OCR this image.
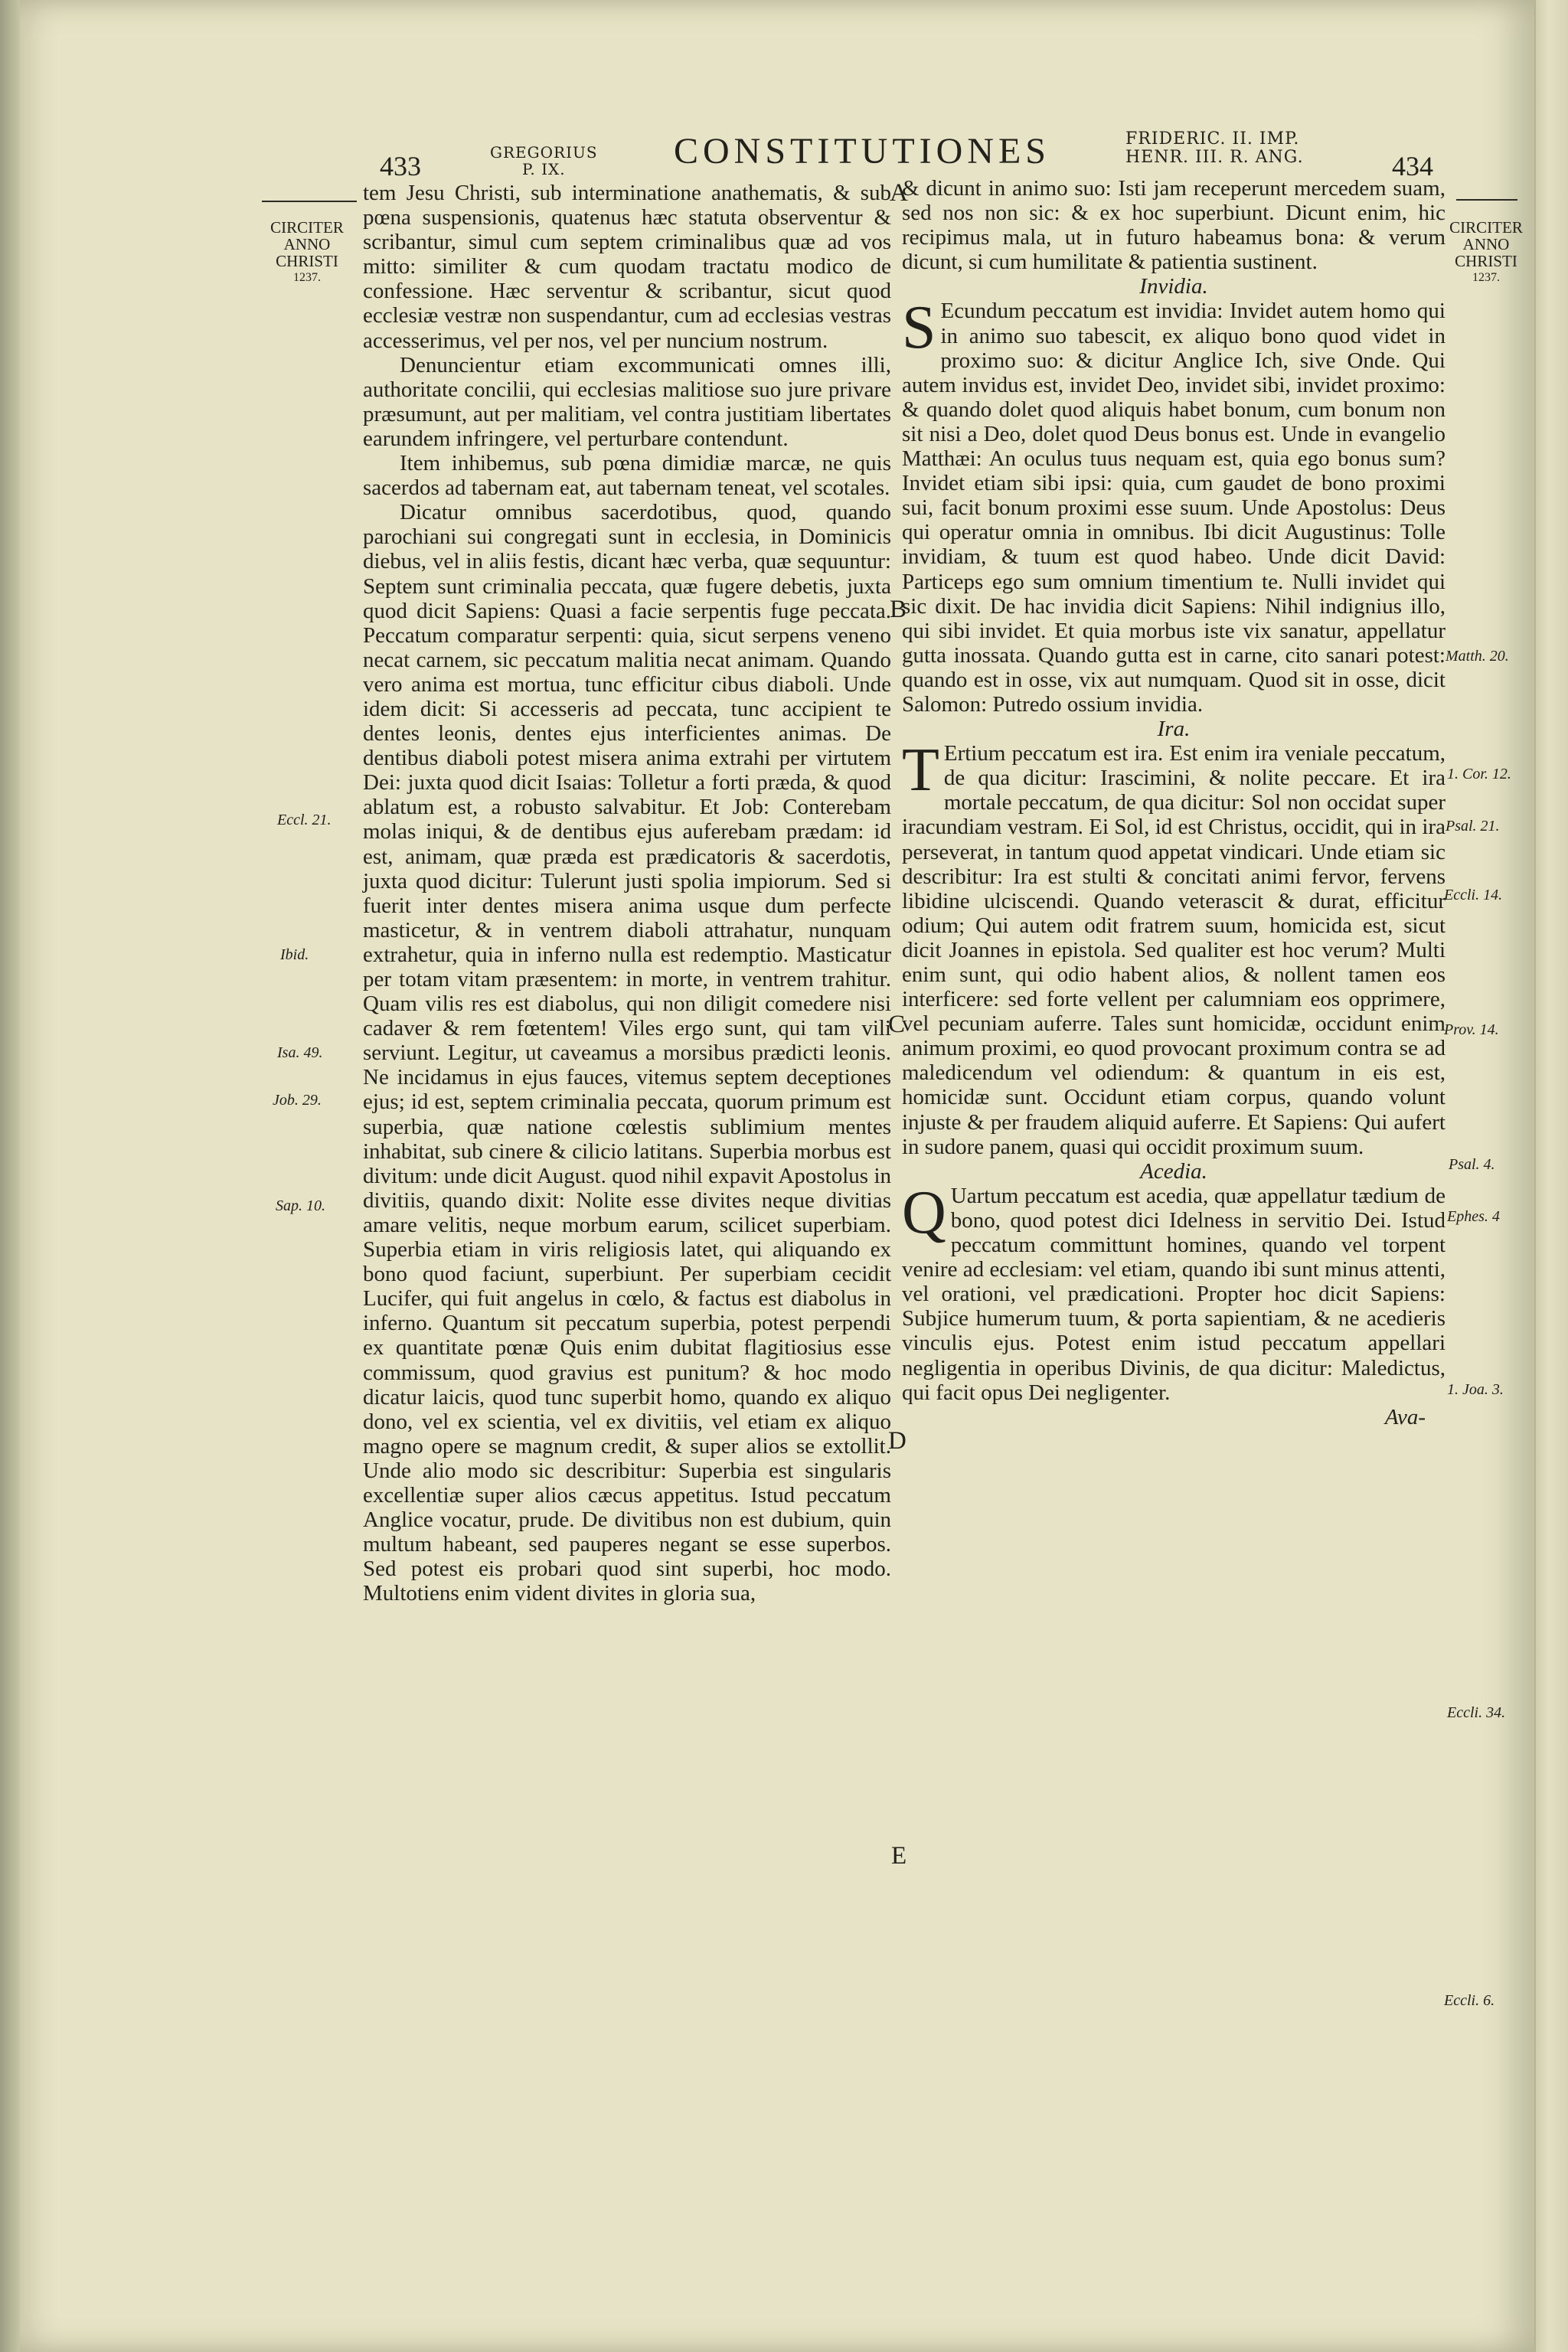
433	GREGORIUS
P. IX.	CONSTITUTIONES	FRIDERIC. II. IMP.
HENR. III. R. ANG.	434
CIRCITER
ANNO
CHRISTI
1237.
CIRCITER
ANNO
CHRISTI
1237.
A
B
C
D
E
Eccl. 21.
Ibid.
Isa. 49.
Job. 29.
Sap. 10.
Matth. 20.
1. Cor. 12.
Psal. 21.
Eccli. 14.
Prov. 14.
Psal. 4.
Ephes. 4
1. Joa. 3.
Eccli. 34.
Eccli. 6.

tem Jesu Christi, sub interminatione anathematis, & sub pœna suspensionis, quatenus hæc statuta observentur & scribantur, simul cum septem criminalibus quæ ad vos mitto: similiter & cum quodam tractatu modico de confessione. Hæc serventur & scribantur, sicut quod ecclesiæ vestræ non suspendantur, cum ad ecclesias vestras accesserimus, vel per nos, vel per nuncium nostrum.

Denuncientur etiam excommunicati omnes illi, authoritate concilii, qui ecclesias malitiose suo jure privare præsumunt, aut per malitiam, vel contra justitiam libertates earundem infringere, vel perturbare contendunt.

Item inhibemus, sub pœna dimidiæ marcæ, ne quis sacerdos ad tabernam eat, aut tabernam teneat, vel scotales.

Dicatur omnibus sacerdotibus, quod, quando parochiani sui congregati sunt in ecclesia, in Dominicis diebus, vel in aliis festis, dicant hæc verba, quæ sequuntur: Septem sunt criminalia peccata, quæ fugere debetis, juxta quod dicit Sapiens: Quasi a facie serpentis fuge peccata. Peccatum comparatur serpenti: quia, sicut serpens veneno necat carnem, sic peccatum malitia necat animam. Quando vero anima est mortua, tunc efficitur cibus diaboli. Unde idem dicit: Si accesseris ad peccata, tunc accipient te dentes leonis, dentes ejus interficientes animas. De dentibus diaboli potest misera anima extrahi per virtutem Dei: juxta quod dicit Isaias: Tolletur a forti præda, & quod ablatum est, a robusto salvabitur. Et Job: Conterebam molas iniqui, & de dentibus ejus auferebam prædam: id est, animam, quæ præda est prædicatoris & sacerdotis, juxta quod dicitur: Tulerunt justi spolia impiorum. Sed si fuerit inter dentes misera anima usque dum perfecte masticetur, & in ventrem diaboli attrahatur, nunquam extrahetur, quia in inferno nulla est redemptio. Masticatur per totam vitam præsentem: in morte, in ventrem trahitur. Quam vilis res est diabolus, qui non diligit comedere nisi cadaver & rem fœtentem! Viles ergo sunt, qui tam vili serviunt. Legitur, ut caveamus a morsibus prædicti leonis. Ne incidamus in ejus fauces, vitemus septem deceptiones ejus; id est, septem criminalia peccata, quorum primum est superbia, quæ natione cœlestis sublimium mentes inhabitat, sub cinere & cilicio latitans. Superbia morbus est divitum: unde dicit August. quod nihil expavit Apostolus in divitiis, quando dixit: Nolite esse divites neque divitias amare velitis, neque morbum earum, scilicet superbiam. Superbia etiam in viris religiosis latet, qui aliquando ex bono quod faciunt, superbiunt. Per superbiam cecidit Lucifer, qui fuit angelus in cœlo, & factus est diabolus in inferno. Quantum sit peccatum superbia, potest perpendi ex quantitate pœnæ Quis enim dubitat flagitiosius esse commissum, quod gravius est punitum? & hoc modo dicatur laicis, quod tunc superbit homo, quando ex aliquo dono, vel ex scientia, vel ex divitiis, vel etiam ex aliquo magno opere se magnum credit, & super alios se extollit. Unde alio modo sic describitur: Superbia est singularis excellentiæ super alios cæcus appetitus. Istud peccatum Anglice vocatur, prude. De divitibus non est dubium, quin multum habeant, sed pauperes negant se esse superbos. Sed potest eis probari quod sint superbi, hoc modo. Multotiens enim vident divites in gloria sua,

& dicunt in animo suo: Isti jam receperunt mercedem suam, sed nos non sic: & ex hoc superbiunt. Dicunt enim, hic recipimus mala, ut in futuro habeamus bona: & verum dicunt, si cum humilitate & patientia sustinent.

Invidia.

S Ecundum peccatum est invidia: Invidet autem homo qui in animo suo tabescit, ex aliquo bono quod videt in proximo suo: & dicitur Anglice Ich, sive Onde. Qui autem invidus est, invidet Deo, invidet sibi, invidet proximo: & quando dolet quod aliquis habet bonum, cum bonum non sit nisi a Deo, dolet quod Deus bonus est. Unde in evangelio Matthæi: An oculus tuus nequam est, quia ego bonus sum? Invidet etiam sibi ipsi: quia, cum gaudet de bono proximi sui, facit bonum proximi esse suum. Unde Apostolus: Deus qui operatur omnia in omnibus. Ibi dicit Augustinus: Tolle invidiam, & tuum est quod habeo. Unde dicit David: Particeps ego sum omnium timentium te. Nulli invidet qui sic dixit. De hac invidia dicit Sapiens: Nihil indignius illo, qui sibi invidet. Et quia morbus iste vix sanatur, appellatur gutta inossata. Quando gutta est in carne, cito sanari potest: quando est in osse, vix aut numquam. Quod sit in osse, dicit Salomon: Putredo ossium invidia.

Ira.

T Ertium peccatum est ira. Est enim ira veniale peccatum, de qua dicitur: Irascimini, & nolite peccare. Et ira mortale peccatum, de qua dicitur: Sol non occidat super iracundiam vestram. Ei Sol, id est Christus, occidit, qui in ira perseverat, in tantum quod appetat vindicari. Unde etiam sic describitur: Ira est stulti & concitati animi fervor, fervens libidine ulciscendi. Quando veterascit & durat, efficitur odium; Qui autem odit fratrem suum, homicida est, sicut dicit Joannes in epistola. Sed qualiter est hoc verum? Multi enim sunt, qui odio habent alios, & nollent tamen eos interficere: sed forte vellent per calumniam eos opprimere, vel pecuniam auferre. Tales sunt homicidæ, occidunt enim animum proximi, eo quod provocant proximum contra se ad maledicendum vel odiendum: & quantum in eis est, homicidæ sunt. Occidunt etiam corpus, quando volunt injuste & per fraudem aliquid auferre. Et Sapiens: Qui aufert in sudore panem, quasi qui occidit proximum suum.

Acedia.

Q Uartum peccatum est acedia, quæ appellatur tædium de bono, quod potest dici Idelness in servitio Dei. Istud peccatum committunt homines, quando vel torpent venire ad ecclesiam: vel etiam, quando ibi sunt minus attenti, vel orationi, vel prædicationi. Propter hoc dicit Sapiens: Subjice humerum tuum, & porta sapientiam, & ne acedieris vinculis ejus. Potest enim istud peccatum appellari negligentia in operibus Divinis, de qua dicitur: Maledictus, qui facit opus Dei negligenter.

Ava-
